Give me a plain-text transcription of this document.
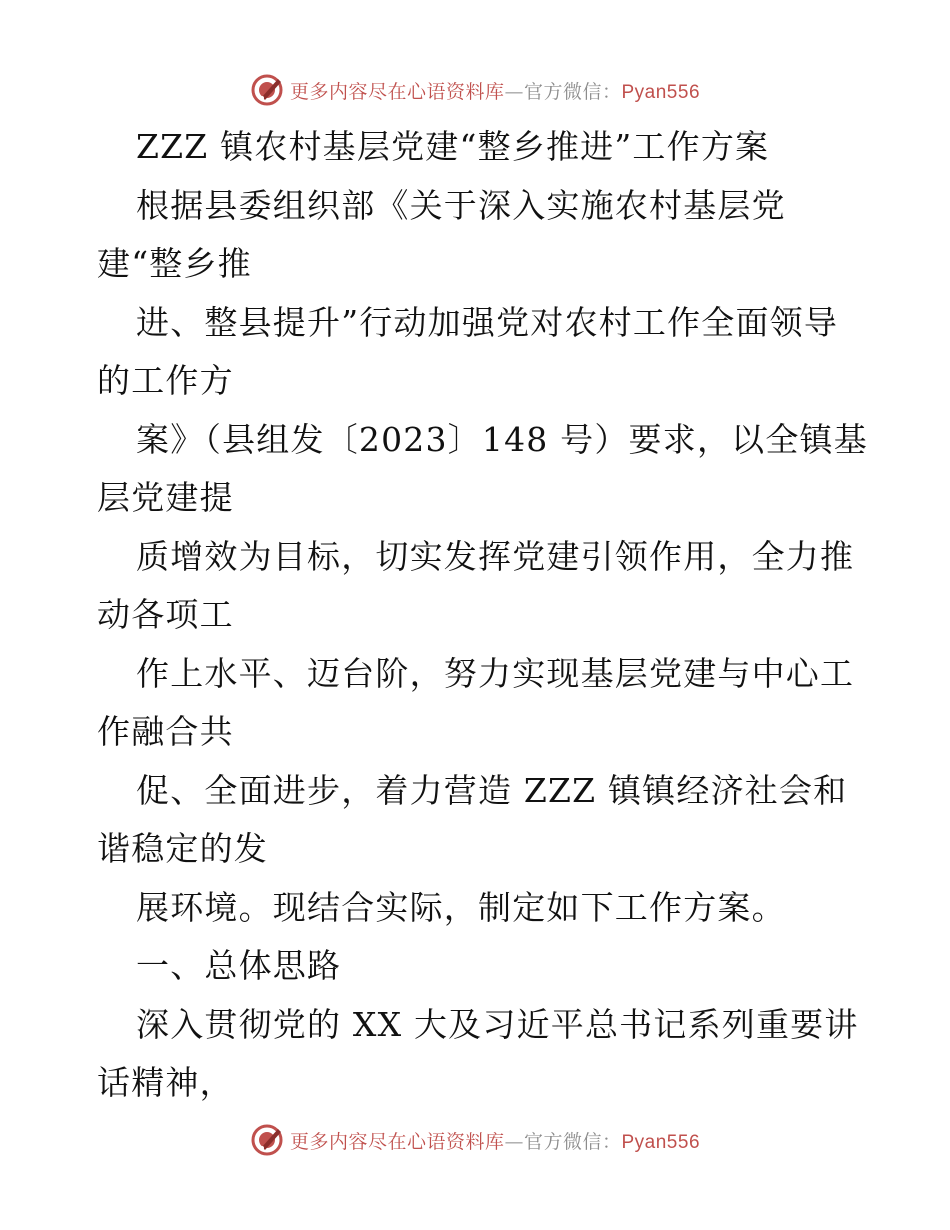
更多内容尽在心语资料库—官方微信：Pyan556
ZZZ 镇农村基层党建“整乡推进”工作方案
根据县委组织部《关于深入实施农村基层党
建“整乡推
进、整县提升”行动加强党对农村工作全面领导
的工作方
案》（县组发〔2023〕148 号）要求，以全镇基
层党建提
质增效为目标，切实发挥党建引领作用，全力推
动各项工
作上水平、迈台阶，努力实现基层党建与中心工
作融合共
促、全面进步，着力营造 ZZZ 镇镇经济社会和
谐稳定的发
展环境。现结合实际，制定如下工作方案。
一、总体思路
深入贯彻党的 XX 大及习近平总书记系列重要讲
话精神，
更多内容尽在心语资料库—官方微信：Pyan556
